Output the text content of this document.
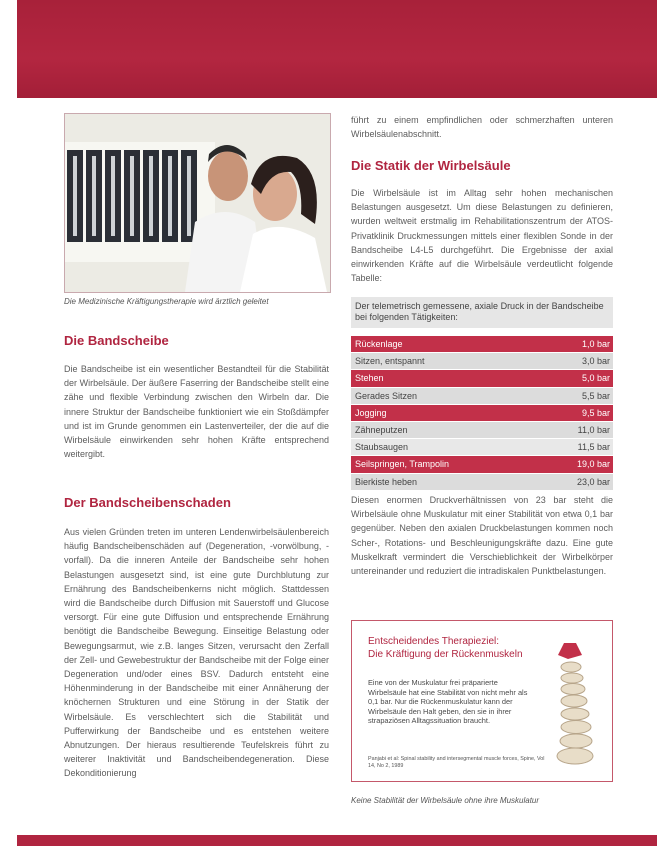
Die Medizinische Kräftigungstherapie wird ärztlich geleitet
Die Bandscheibe

Die Bandscheibe ist ein wesentlicher Bestandteil für die Stabilität der Wirbelsäule. Der äußere Faserring der Bandscheibe stellt eine zähe und flexible Verbindung zwischen den Wirbeln dar. Die innere Struktur der Bandscheibe funktioniert wie ein Stoßdämpfer und ist im Grunde genommen ein Lastenverteiler, der die auf die Wirbelsäule einwirkenden sehr hohen Kräfte entsprechend weitergibt.

Der Bandscheibenschaden

Aus vielen Gründen treten im unteren Lendenwirbelsäulenbereich häufig Bandscheibenschäden auf (Degeneration, -vorwölbung, -vorfall). Da die inneren Anteile der Bandscheibe sehr hohen Belastungen ausgesetzt sind, ist eine gute Durchblutung zur Ernährung des Bandscheibenkerns nicht möglich. Stattdessen wird die Bandscheibe durch Diffusion mit Sauerstoff und Glucose versorgt. Für eine gute Diffusion und entsprechende Ernährung benötigt die Bandscheibe Bewegung. Einseitige Belastung oder Bewegungsarmut, wie z.B. langes Sitzen, verursacht den Zerfall der Zell- und Gewebestruktur der Bandscheibe mit der Folge einer Degeneration und/oder eines BSV. Dadurch entsteht eine Höhenminderung in der Bandscheibe mit einer Annäherung der knöchernen Strukturen und eine Störung in der Statik der Wirbelsäule. Es verschlechtert sich die Stabilität und Pufferwirkung der Bandscheibe und es entstehen weitere Abnutzungen. Der hieraus resultierende Teufelskreis führt zu weiterer Inaktivität und Bandscheibendegeneration. Diese Dekonditionierung

führt zu einem empfindlichen oder schmerzhaften unteren Wirbelsäulenabschnitt.

Die Statik der Wirbelsäule

Die Wirbelsäule ist im Alltag sehr hohen mechanischen Belastungen ausgesetzt. Um diese Belastungen zu definieren, wurden weltweit erstmalig im Rehabilitationszentrum der ATOS-Privatklinik Druckmessungen mittels einer flexiblen Sonde in der Bandscheibe L4-L5 durchgeführt. Die Ergebnisse der axial einwirkenden Kräfte auf die Wirbelsäule verdeutlicht folgende Tabelle:

Der telemetrisch gemessene, axiale Druck in der Bandscheibe bei folgenden Tätigkeiten:
Rückenlage	1,0 bar
Sitzen, entspannt	3,0 bar
Stehen	5,0 bar
Gerades Sitzen	5,5 bar
Jogging	9,5 bar
Zähneputzen	11,0 bar
Staubsaugen	11,5 bar
Seilspringen, Trampolin	19,0 bar
Bierkiste heben	23,0 bar

Diesen enormen Druckverhältnissen von 23 bar steht die Wirbelsäule ohne Muskulatur mit einer Stabilität von etwa 0,1 bar gegenüber. Neben den axialen Druckbelastungen kommen noch Scher-, Rotations- und Beschleunigungskräfte dazu. Eine gute Muskelkraft vermindert die Verschieblichkeit der Wirbelkörper untereinander und reduziert die intradiskalen Punktbelastungen.

Entscheidendes Therapieziel:
Die Kräftigung der Rückenmuskeln
Eine von der Muskulatur frei präparierte Wirbelsäule hat eine Stabilität von nicht mehr als 0,1 bar. Nur die Rückenmuskulatur kann der Wirbelsäule den Halt geben, den sie in ihrer strapaziösen Alltagssituation braucht.
Panjabi et al: Spinal stability and intersegmental muscle forces, Spine, Vol 14, No 2, 1989
Keine Stabilität der Wirbelsäule ohne ihre Muskulatur
